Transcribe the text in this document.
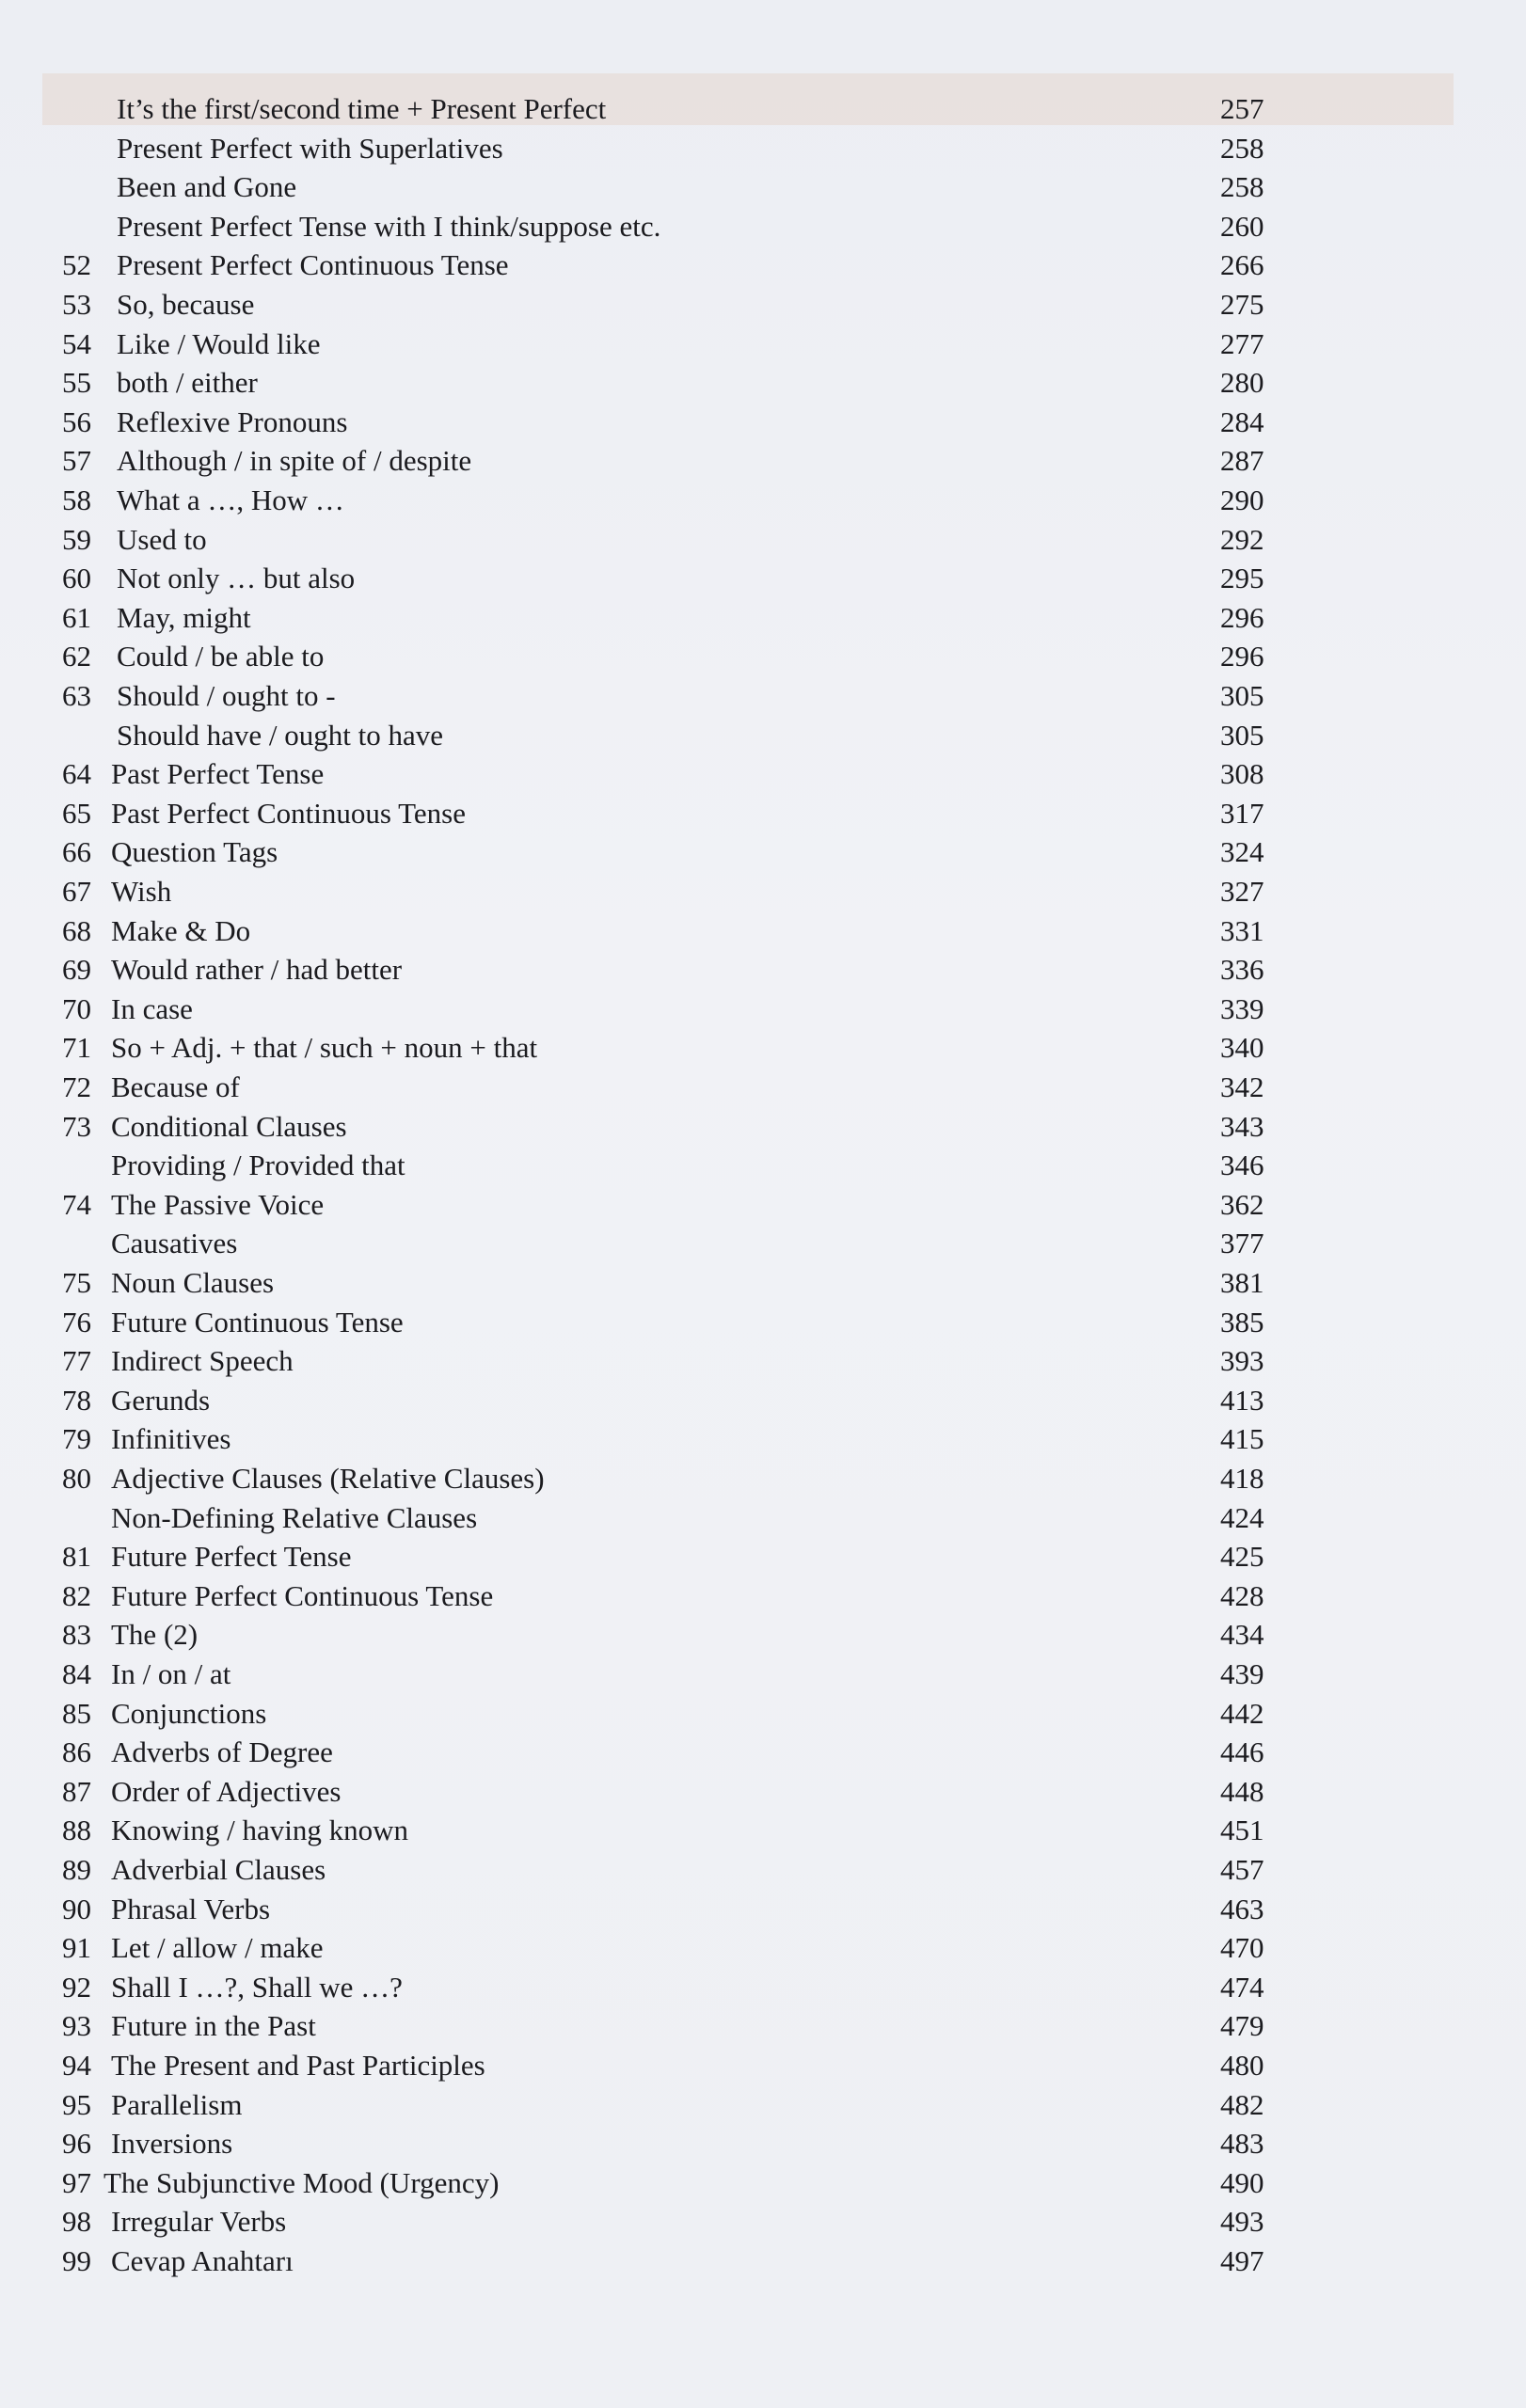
It’s the first/second time + Present Perfect	257
Present Perfect with Superlatives	258
Been and Gone	258
Present Perfect Tense with I think/suppose etc.	260
52 Present Perfect Continuous Tense	266
53 So, because	275
54 Like / Would like	277
55 both / either	280
56 Reflexive Pronouns	284
57 Although / in spite of / despite	287
58 What a …, How …	290
59 Used to	292
60 Not only … but also	295
61 May, might	296
62 Could / be able to	296
63 Should / ought to -	305
Should have / ought to have	305
64 Past Perfect Tense	308
65 Past Perfect Continuous Tense	317
66 Question Tags	324
67 Wish	327
68 Make & Do	331
69 Would rather / had better	336
70 In case	339
71 So + Adj. + that / such + noun + that	340
72 Because of	342
73 Conditional Clauses	343
Providing / Provided that	346
74 The Passive Voice	362
Causatives	377
75 Noun Clauses	381
76 Future Continuous Tense	385
77 Indirect Speech	393
78 Gerunds	413
79 Infinitives	415
80 Adjective Clauses (Relative Clauses)	418
Non-Defining Relative Clauses	424
81 Future Perfect Tense	425
82 Future Perfect Continuous Tense	428
83 The (2)	434
84 In / on / at	439
85 Conjunctions	442
86 Adverbs of Degree	446
87 Order of Adjectives	448
88 Knowing / having known	451
89 Adverbial Clauses	457
90 Phrasal Verbs	463
91 Let / allow / make	470
92 Shall I …?, Shall we …?	474
93 Future in the Past	479
94 The Present and Past Participles	480
95 Parallelism	482
96 Inversions	483
97 The Subjunctive Mood (Urgency)	490
98 Irregular Verbs	493
99 Cevap Anahtarı	497
